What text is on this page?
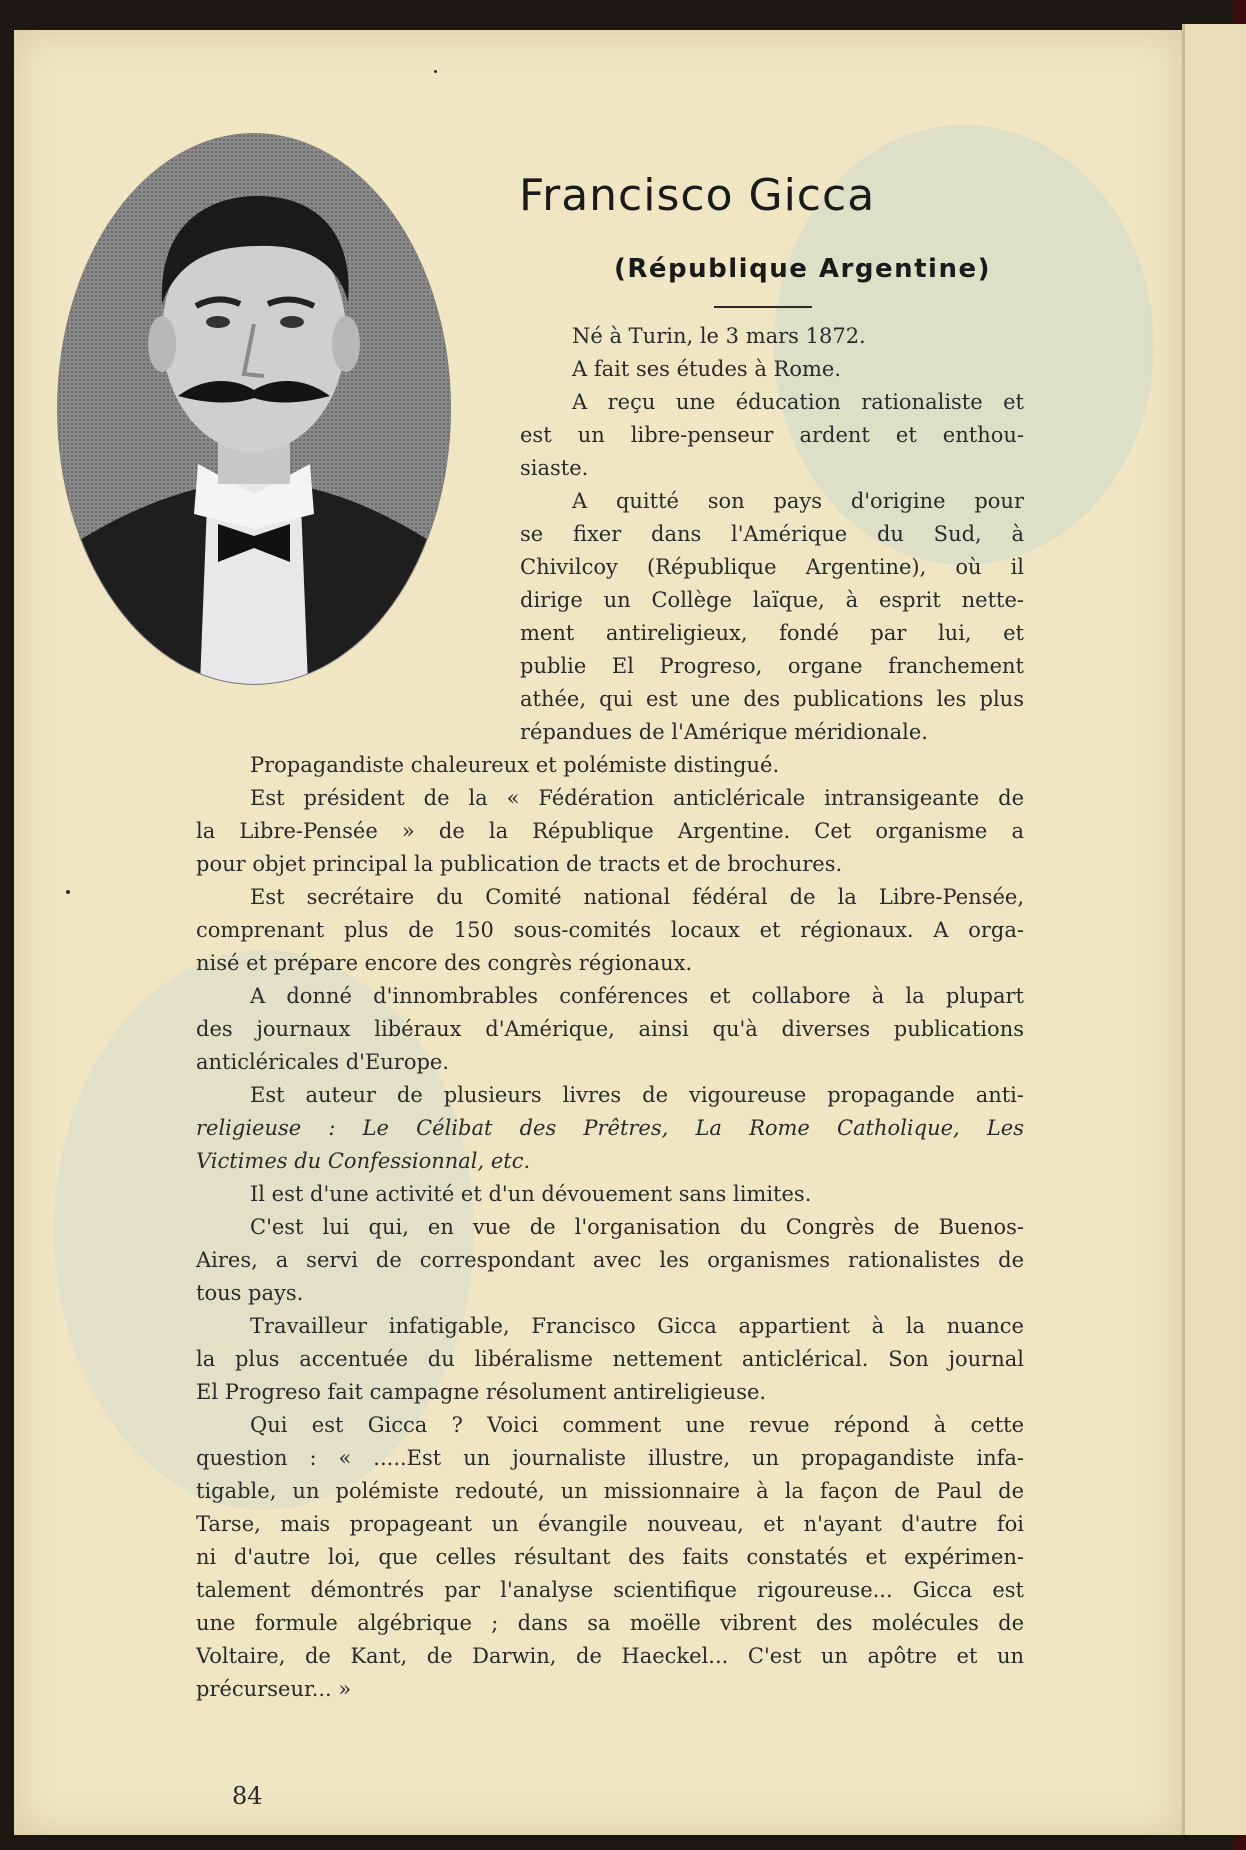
Francisco Gicca
(République Argentine)

Né à Turin, le 3 mars 1872.

A fait ses études à Rome.

A reçu une éducation rationaliste et

est un libre-penseur ardent et enthou-

siaste.

A quitté son pays d'origine pour

se fixer dans l'Amérique du Sud, à

Chivilcoy (République Argentine), où il

dirige un Collège laïque, à esprit nette-

ment antireligieux, fondé par lui, et

publie El Progreso, organe franchement

athée, qui est une des publications les plus

répandues de l'Amérique méridionale.

Propagandiste chaleureux et polémiste distingué.

Est président de la « Fédération anticléricale intransigeante de

la Libre-Pensée » de la République Argentine. Cet organisme a

pour objet principal la publication de tracts et de brochures.

Est secrétaire du Comité national fédéral de la Libre-Pensée,

comprenant plus de 150 sous-comités locaux et régionaux. A orga-

nisé et prépare encore des congrès régionaux.

A donné d'innombrables conférences et collabore à la plupart

des journaux libéraux d'Amérique, ainsi qu'à diverses publications

anticléricales d'Europe.

Est auteur de plusieurs livres de vigoureuse propagande anti-

religieuse : Le Célibat des Prêtres, La Rome Catholique, Les

Victimes du Confessionnal, etc.

Il est d'une activité et d'un dévouement sans limites.

C'est lui qui, en vue de l'organisation du Congrès de Buenos-

Aires, a servi de correspondant avec les organismes rationalistes de

tous pays.

Travailleur infatigable, Francisco Gicca appartient à la nuance

la plus accentuée du libéralisme nettement anticlérical. Son journal

El Progreso fait campagne résolument antireligieuse.

Qui est Gicca ? Voici comment une revue répond à cette

question : « .....Est un journaliste illustre, un propagandiste infa-

tigable, un polémiste redouté, un missionnaire à la façon de Paul de

Tarse, mais propageant un évangile nouveau, et n'ayant d'autre foi

ni d'autre loi, que celles résultant des faits constatés et expérimen-

talement démontrés par l'analyse scientifique rigoureuse... Gicca est

une formule algébrique ; dans sa moëlle vibrent des molécules de

Voltaire, de Kant, de Darwin, de Haeckel... C'est un apôtre et un

précurseur... »

84
